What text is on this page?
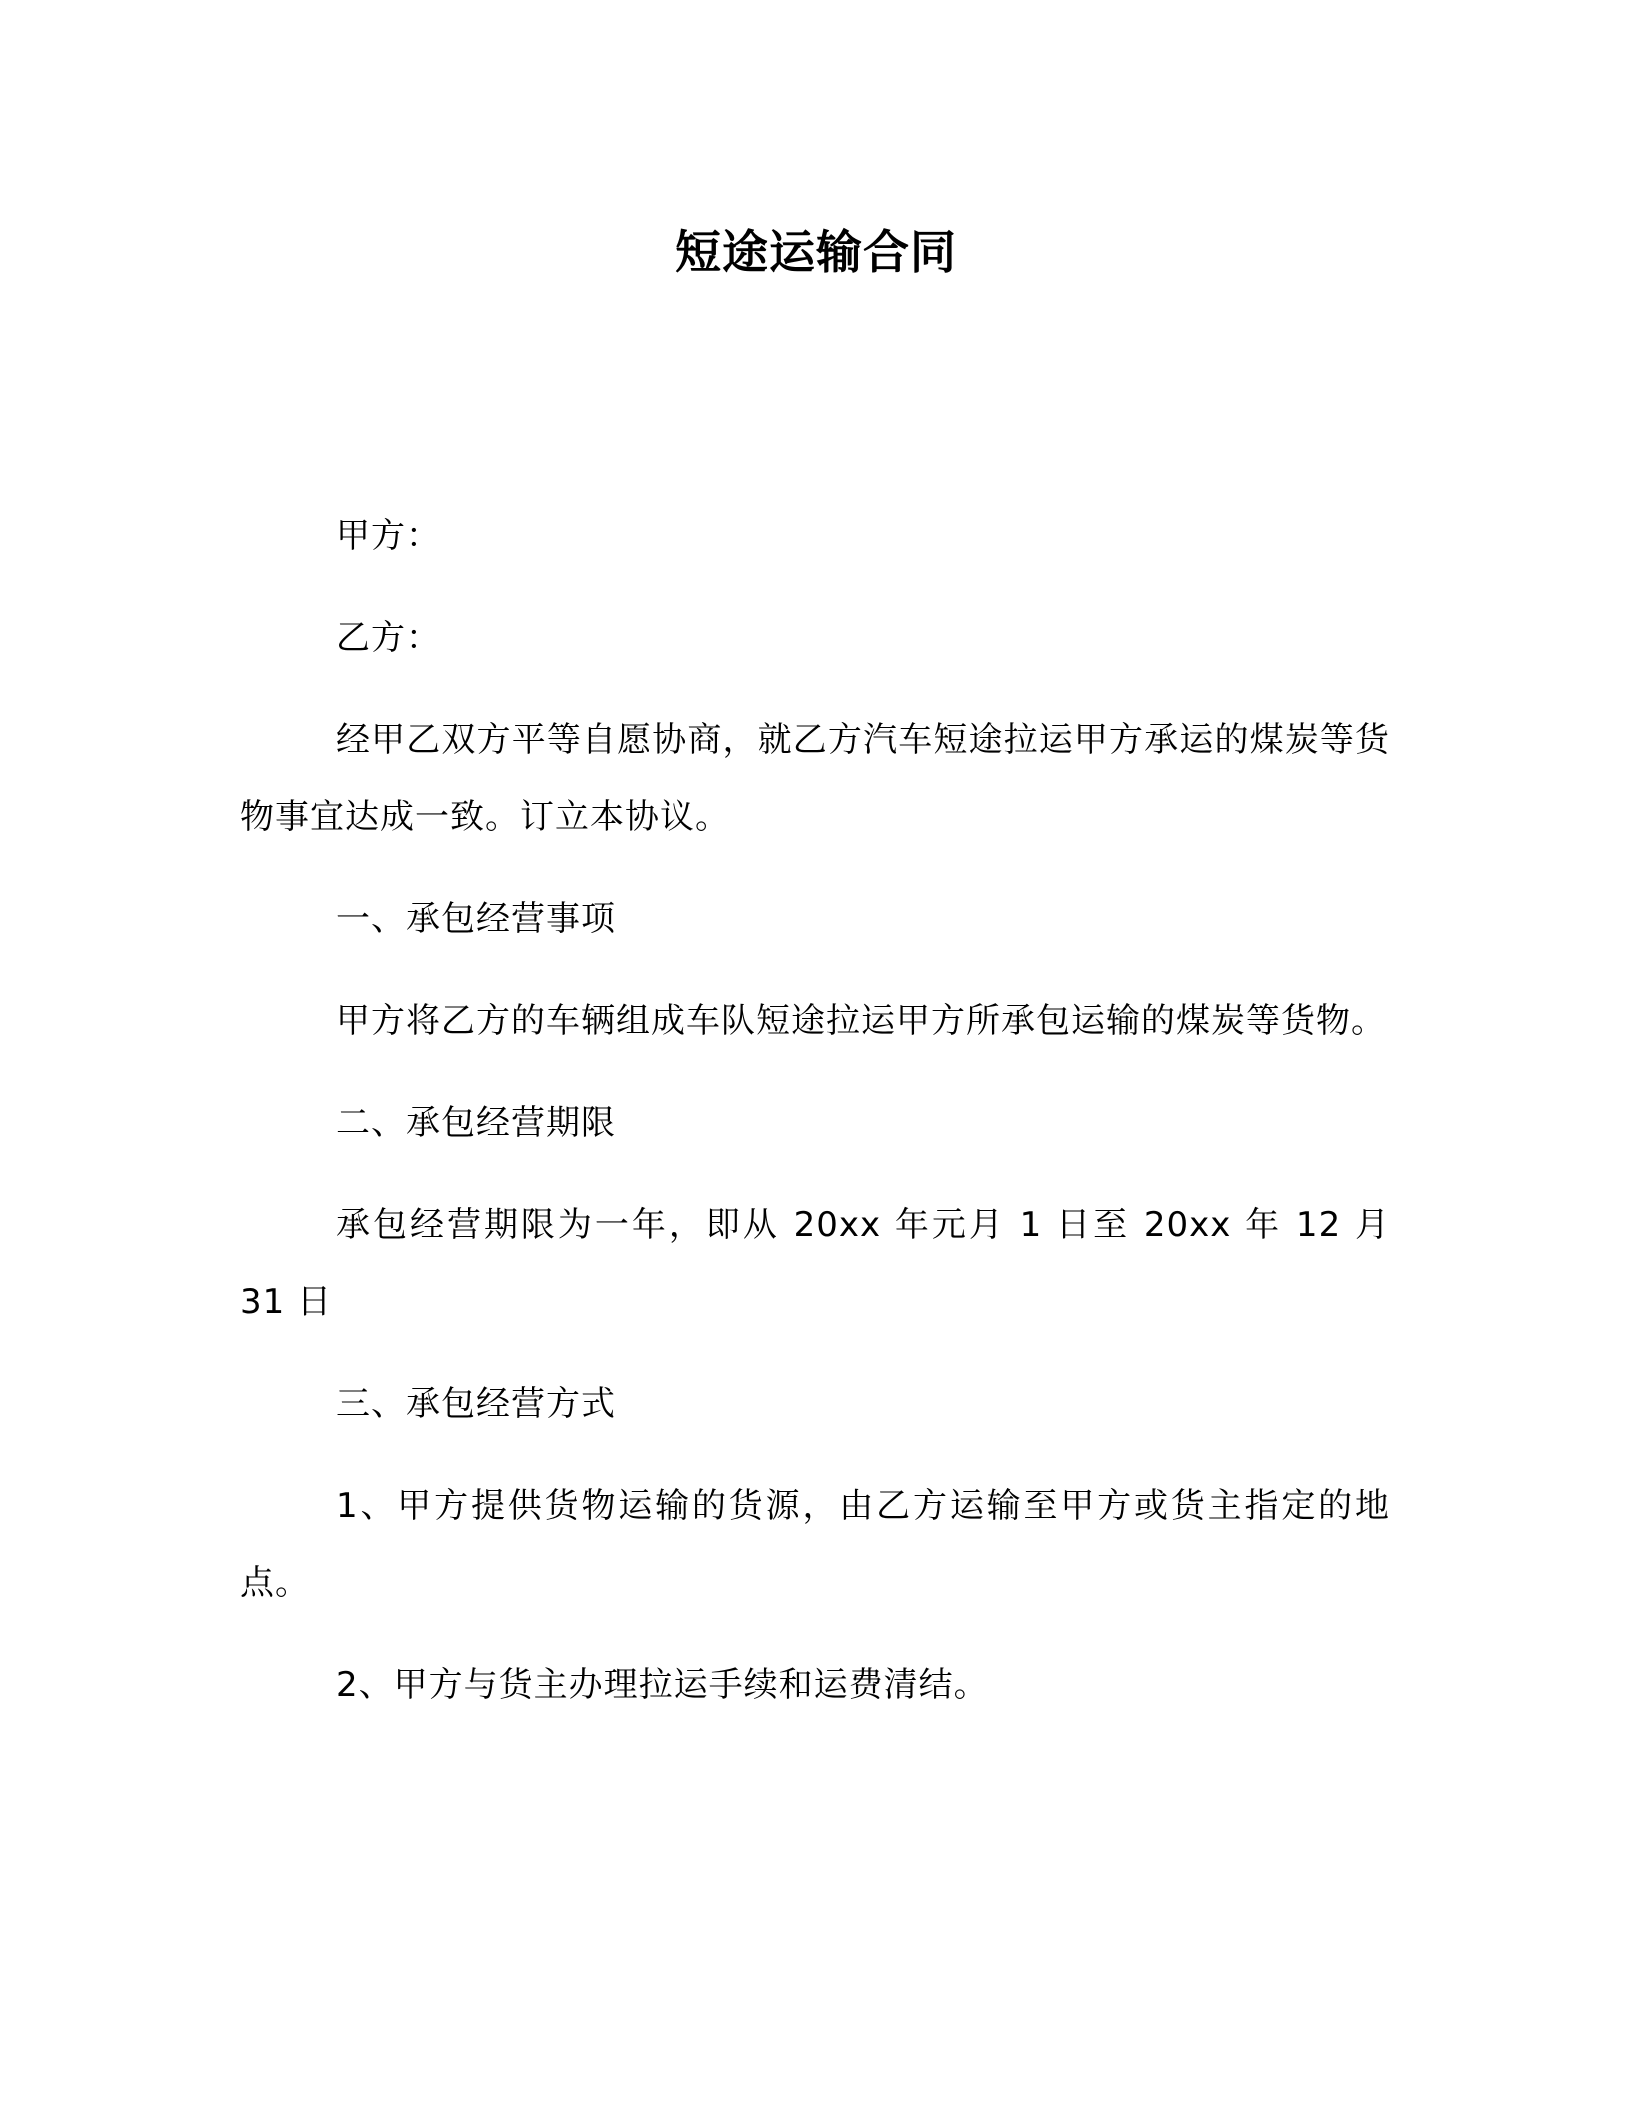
短途运输合同

甲方：

乙方：

经甲乙双方平等自愿协商，就乙方汽车短途拉运甲方承运的煤炭等货物事宜达成一致。订立本协议。

一、承包经营事项

甲方将乙方的车辆组成车队短途拉运甲方所承包运输的煤炭等货物。

二、承包经营期限

承包经营期限为一年，即从 20xx 年元月 1 日至 20xx 年 12 月 31 日

三、承包经营方式

1、甲方提供货物运输的货源，由乙方运输至甲方或货主指定的地点。

2、甲方与货主办理拉运手续和运费清结。
